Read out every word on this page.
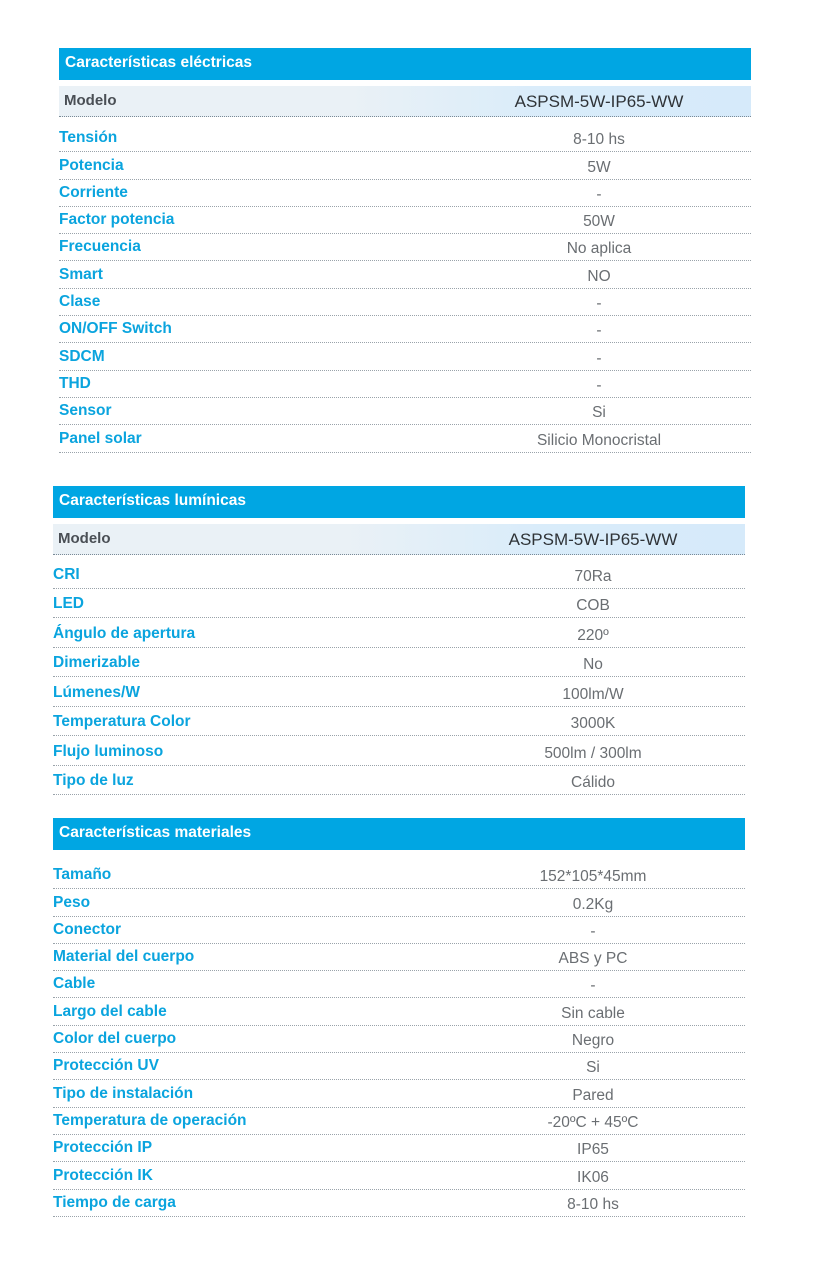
Características eléctricas
Modelo	ASPSM-5W-IP65-WW
Tensión	8-10 hs
Potencia	5W
Corriente	-
Factor potencia	50W
Frecuencia	No aplica
Smart	NO
Clase	-
ON/OFF Switch	-
SDCM	-
THD	-
Sensor	Si
Panel solar	Silicio Monocristal
Características lumínicas
Modelo	ASPSM-5W-IP65-WW
CRI	70Ra
LED	COB
Ángulo de apertura	220º
Dimerizable	No
Lúmenes/W	100lm/W
Temperatura Color	3000K
Flujo luminoso	500lm / 300lm
Tipo de luz	Cálido
Características materiales
Tamaño	152*105*45mm
Peso	0.2Kg
Conector	-
Material del cuerpo	ABS y PC
Cable	-
Largo del cable	Sin cable
Color del cuerpo	Negro
Protección UV	Si
Tipo de instalación	Pared
Temperatura de operación	-20ºC + 45ºC
Protección IP	IP65
Protección IK	IK06
Tiempo de carga	8-10 hs
